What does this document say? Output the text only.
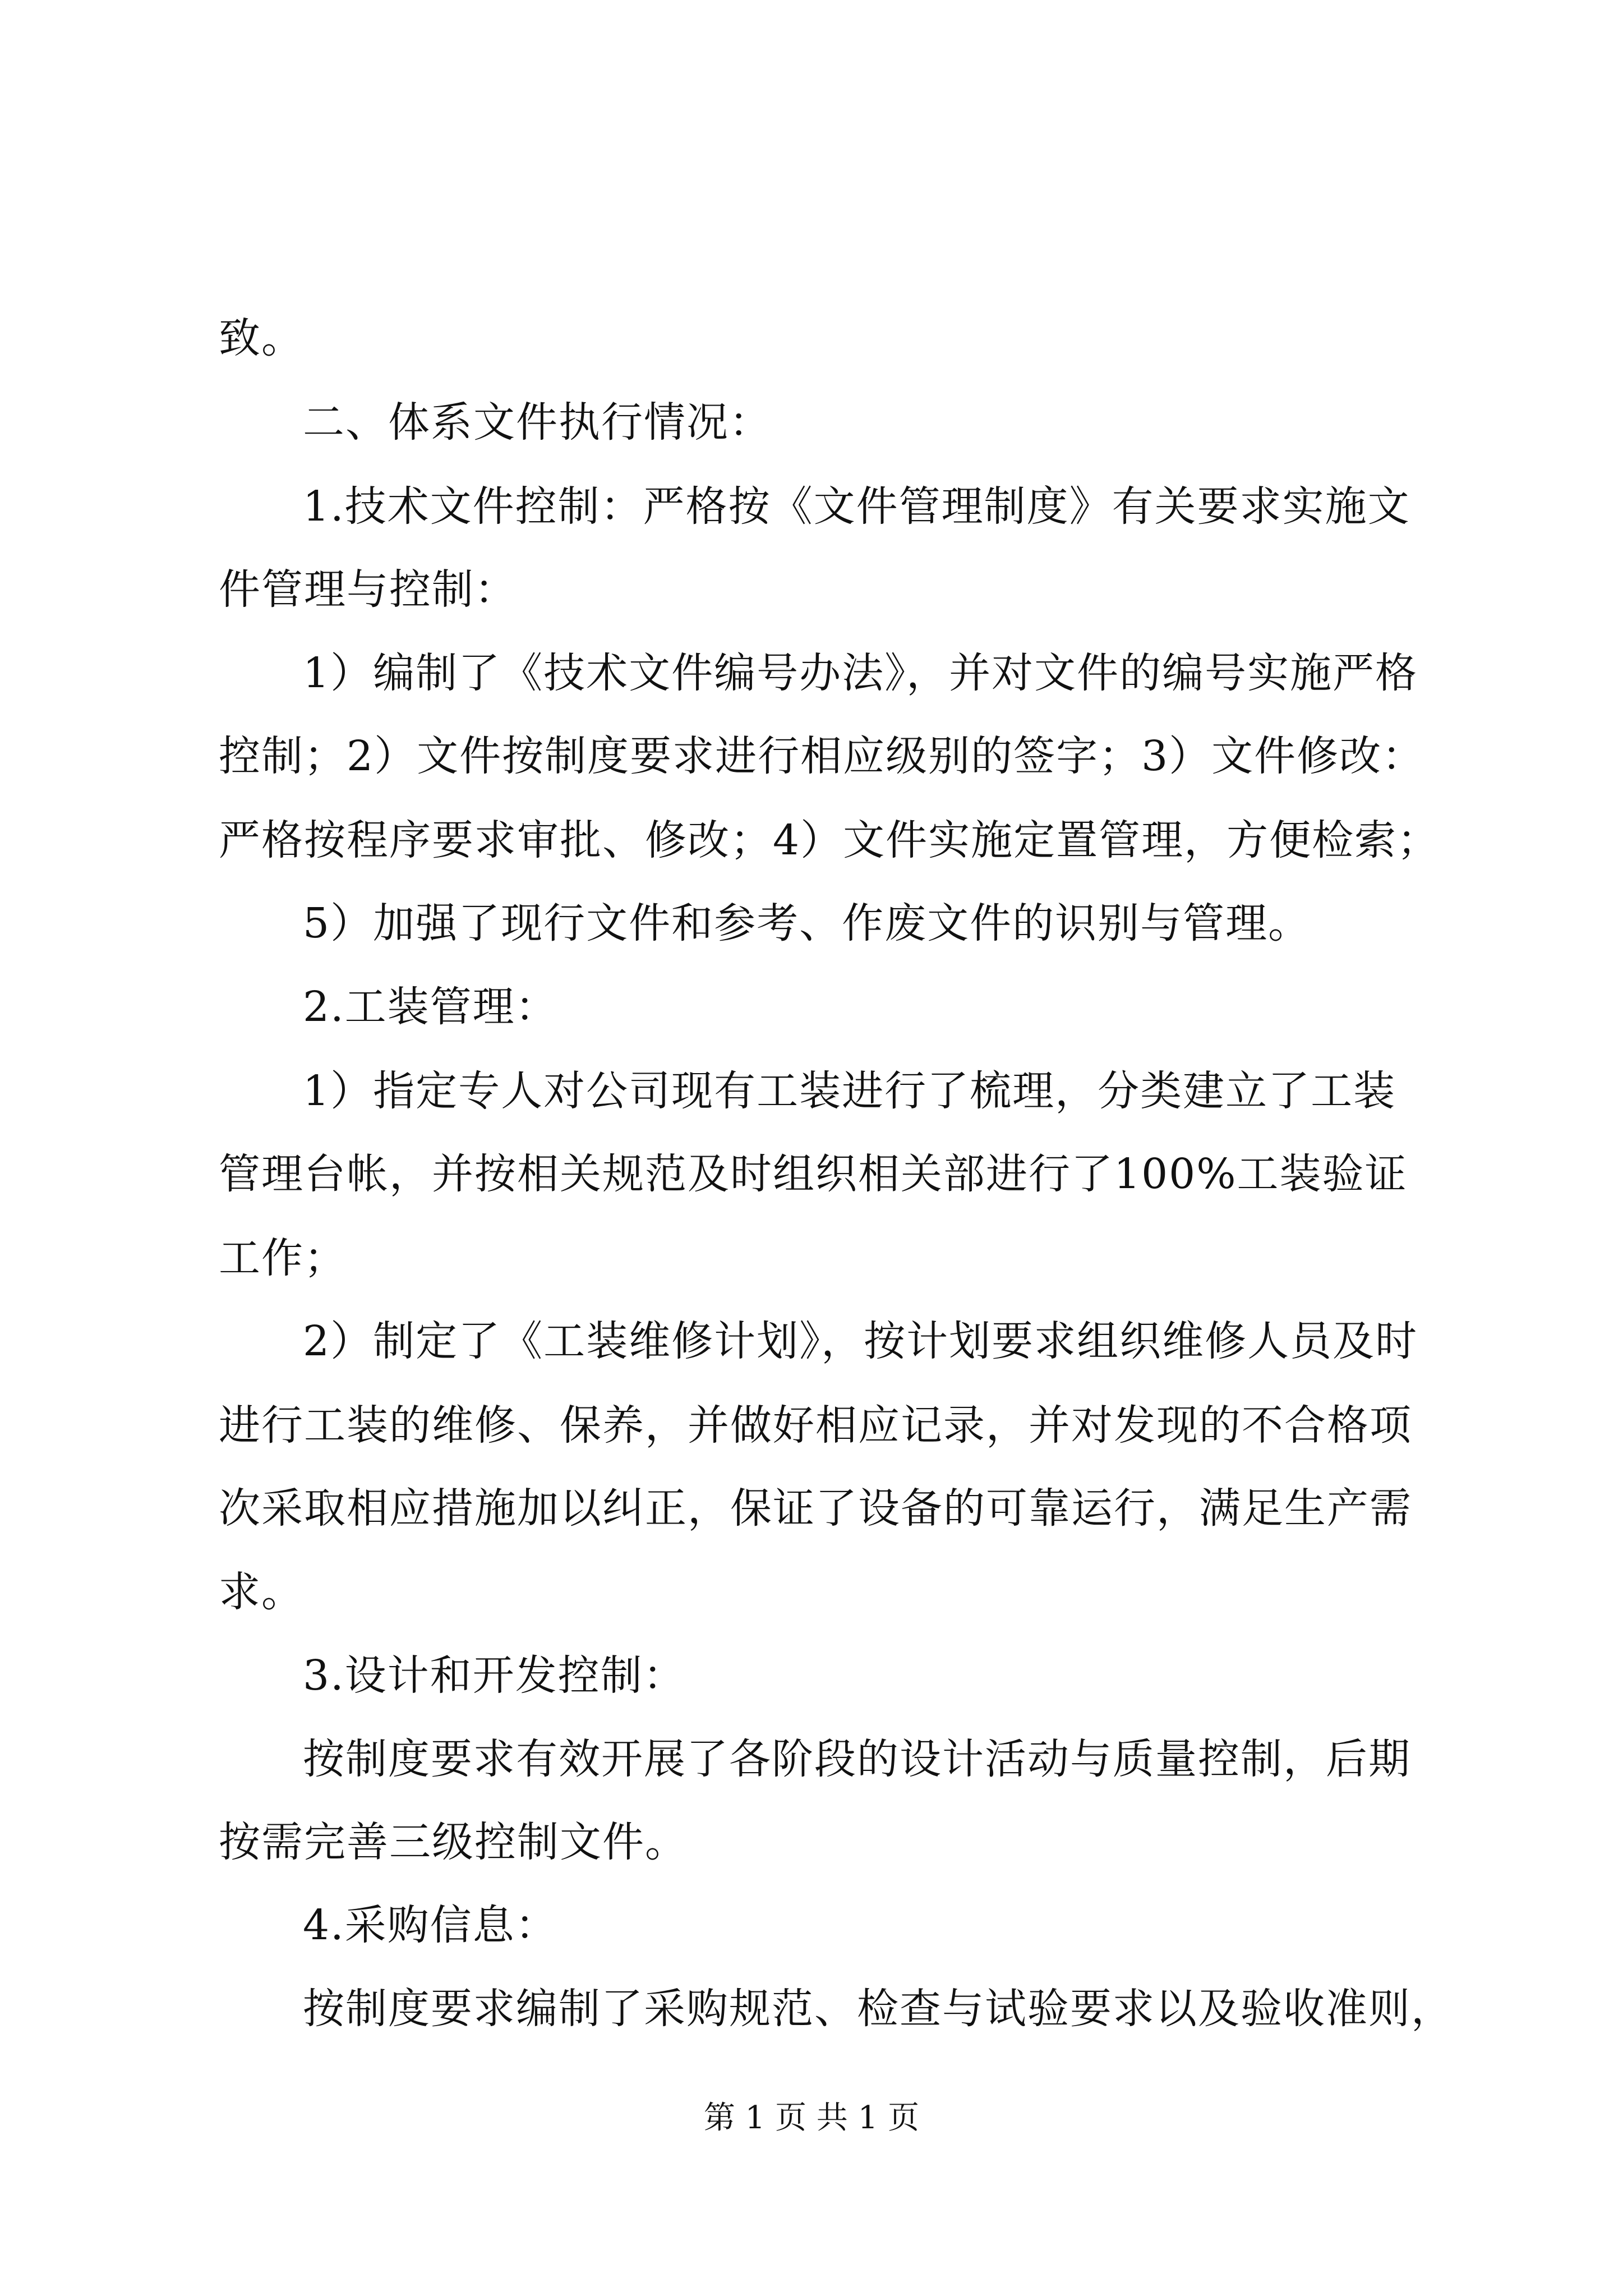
致。
二、体系文件执行情况：
1.技术文件控制：严格按《文件管理制度》有关要求实施文
件管理与控制：
1）编制了《技术文件编号办法》，并对文件的编号实施严格
控制；2）文件按制度要求进行相应级别的签字；3）文件修改：
严格按程序要求审批、修改；4）文件实施定置管理，方便检索；
5）加强了现行文件和参考、作废文件的识别与管理。
2.工装管理：
1）指定专人对公司现有工装进行了梳理，分类建立了工装
管理台帐，并按相关规范及时组织相关部进行了100%工装验证
工作；
2）制定了《工装维修计划》，按计划要求组织维修人员及时
进行工装的维修、保养，并做好相应记录，并对发现的不合格项
次采取相应措施加以纠正，保证了设备的可靠运行，满足生产需
求。
3.设计和开发控制：
按制度要求有效开展了各阶段的设计活动与质量控制，后期
按需完善三级控制文件。
4.采购信息：
按制度要求编制了采购规范、检查与试验要求以及验收准则，
第 1 页 共 1 页
